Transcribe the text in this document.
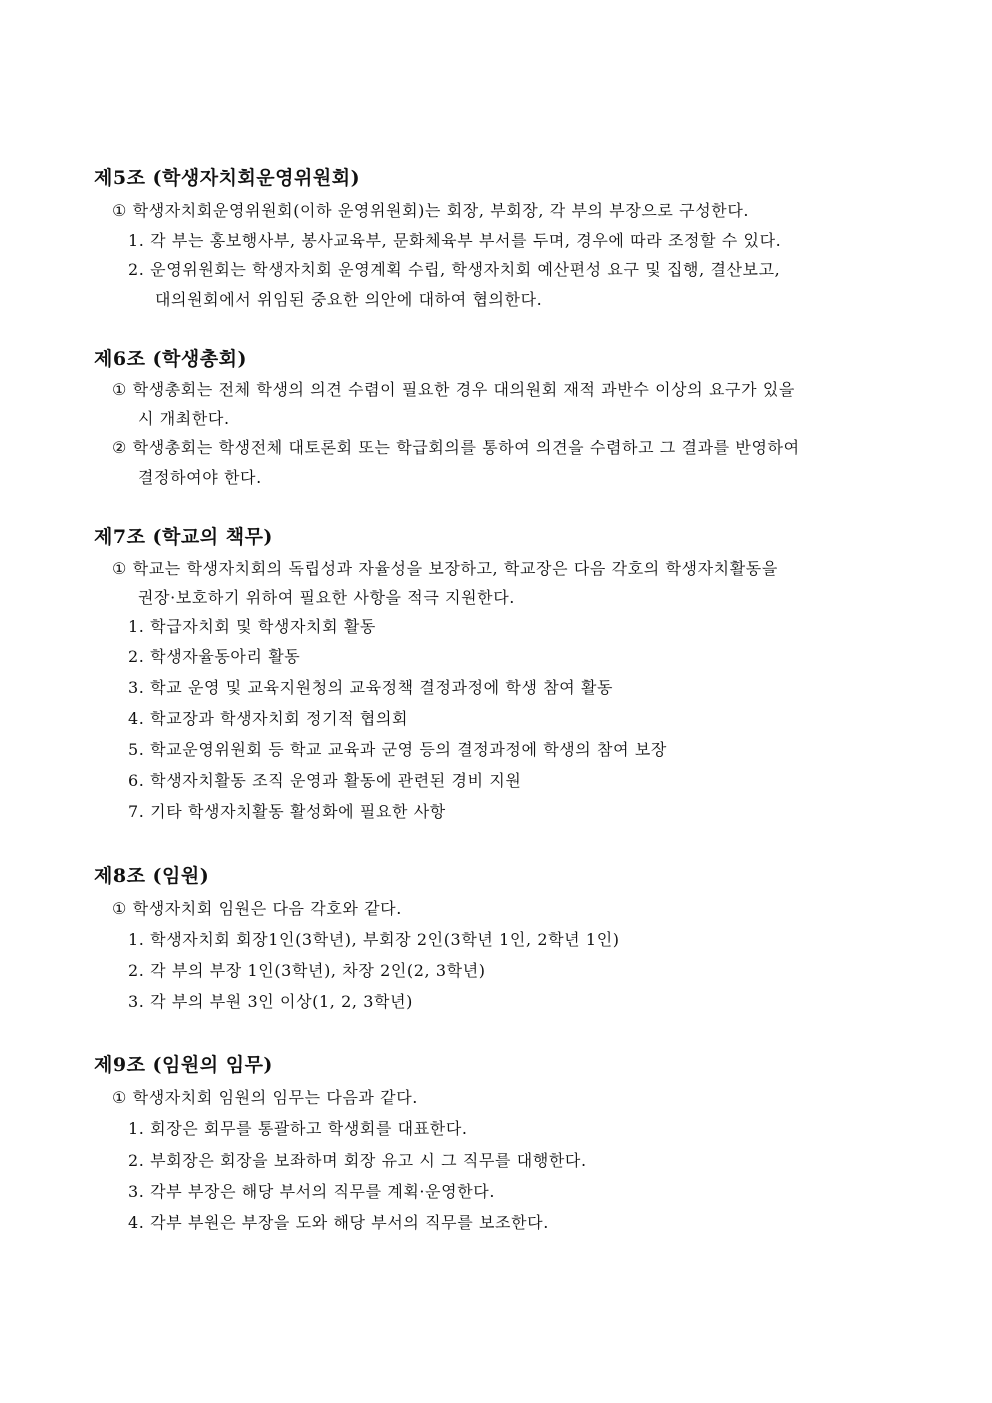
제5조 (학생자치회운영위원회)
① 학생자치회운영위원회(이하 운영위원회)는 회장, 부회장, 각 부의 부장으로 구성한다.
1. 각 부는 홍보행사부, 봉사교육부, 문화체육부 부서를 두며, 경우에 따라 조정할 수 있다.
2. 운영위원회는 학생자치회 운영계획 수립, 학생자치회 예산편성 요구 및 집행, 결산보고,
대의원회에서 위임된 중요한 의안에 대하여 협의한다.
제6조 (학생총회)
① 학생총회는 전체 학생의 의견 수렴이 필요한 경우 대의원회 재적 과반수 이상의 요구가 있을
시 개최한다.
② 학생총회는 학생전체 대토론회 또는 학급회의를 통하여 의견을 수렴하고 그 결과를 반영하여
결정하여야 한다.
제7조 (학교의 책무)
① 학교는 학생자치회의 독립성과 자율성을 보장하고, 학교장은 다음 각호의 학생자치활동을
권장·보호하기 위하여 필요한 사항을 적극 지원한다.
1. 학급자치회 및 학생자치회 활동
2. 학생자율동아리 활동
3. 학교 운영 및 교육지원청의 교육정책 결정과정에 학생 참여 활동
4. 학교장과 학생자치회 정기적 협의회
5. 학교운영위원회 등 학교 교육과 군영 등의 결정과정에 학생의 참여 보장
6. 학생자치활동 조직 운영과 활동에 관련된 경비 지원
7. 기타 학생자치활동 활성화에 필요한 사항
제8조 (임원)
① 학생자치회 임원은 다음 각호와 같다.
1. 학생자치회 회장1인(3학년), 부회장 2인(3학년 1인, 2학년 1인)
2. 각 부의 부장 1인(3학년), 차장 2인(2, 3학년)
3. 각 부의 부원 3인 이상(1, 2, 3학년)
제9조 (임원의 임무)
① 학생자치회 임원의 임무는 다음과 같다.
1. 회장은 회무를 통괄하고 학생회를 대표한다.
2. 부회장은 회장을 보좌하며 회장 유고 시 그 직무를 대행한다.
3. 각부 부장은 해당 부서의 직무를 계획·운영한다.
4. 각부 부원은 부장을 도와 해당 부서의 직무를 보조한다.
